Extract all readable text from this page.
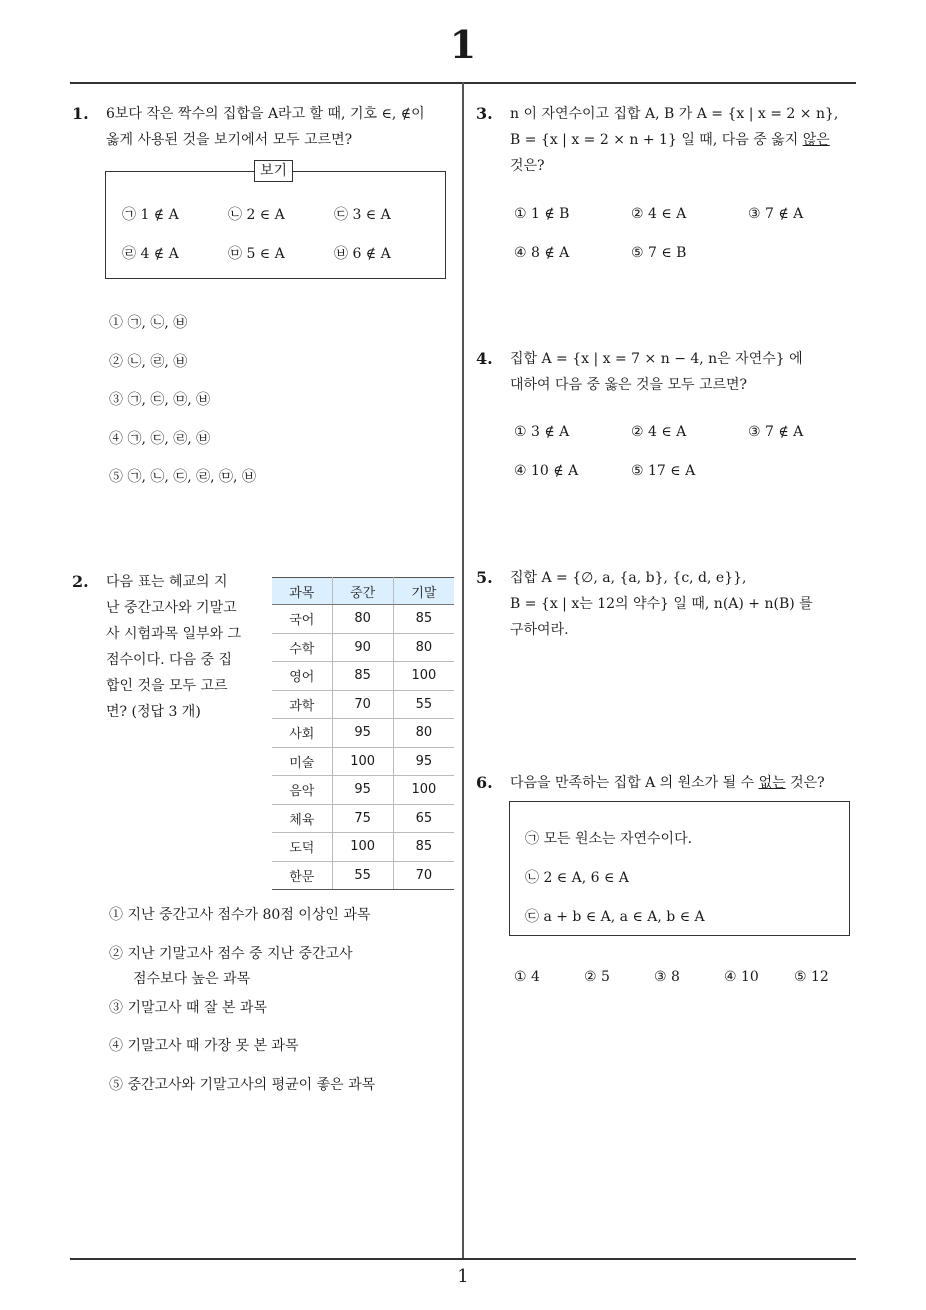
1
1. 6보다 작은 짝수의 집합을 A라고 할 때, 기호 ∈, ∉이
옳게 사용된 것을 보기에서 모두 고르면?
보기
㉠ 1 ∉ A	㉡ 2 ∈ A	㉢ 3 ∈ A
㉣ 4 ∉ A	㉤ 5 ∈ A	㉥ 6 ∉ A
① ㉠, ㉡, ㉥
② ㉡, ㉣, ㉥
③ ㉠, ㉢, ㉤, ㉥
④ ㉠, ㉢, ㉣, ㉥
⑤ ㉠, ㉡, ㉢, ㉣, ㉤, ㉥
2. 다음 표는 혜교의 지
난 중간고사와 기말고
사 시험과목 일부와 그
점수이다. 다음 중 집
합인 것을 모두 고르
면? (정답 3 개)
과목	중간	기말
국어	80	85
수학	90	80
영어	85	100
과학	70	55
사회	95	80
미술	100	95
음악	95	100
체육	75	65
도덕	100	85
한문	55	70
① 지난 중간고사 점수가 80점 이상인 과목
② 지난 기말고사 점수 중 지난 중간고사
점수보다 높은 과목
③ 기말고사 때 잘 본 과목
④ 기말고사 때 가장 못 본 과목
⑤ 중간고사와 기말고사의 평균이 좋은 과목
3. n 이 자연수이고 집합 A, B 가 A = {x | x = 2 × n},
B = {x | x = 2 × n + 1} 일 때, 다음 중 옳지 않은
것은?
① 1 ∉ B	② 4 ∈ A	③ 7 ∉ A
④ 8 ∉ A	⑤ 7 ∈ B
4. 집합 A = {x | x = 7 × n − 4, n은 자연수} 에
대하여 다음 중 옳은 것을 모두 고르면?
① 3 ∉ A	② 4 ∈ A	③ 7 ∉ A
④ 10 ∉ A	⑤ 17 ∈ A
5. 집합 A = {∅, a, {a, b}, {c, d, e}},
B = {x | x는 12의 약수} 일 때, n(A) + n(B) 를
구하여라.
6. 다음을 만족하는 집합 A 의 원소가 될 수 없는 것은?
㉠ 모든 원소는 자연수이다.
㉡ 2 ∈ A, 6 ∈ A
㉢ a + b ∈ A, a ∈ A, b ∈ A
① 4	② 5	③ 8	④ 10	⑤ 12
1
